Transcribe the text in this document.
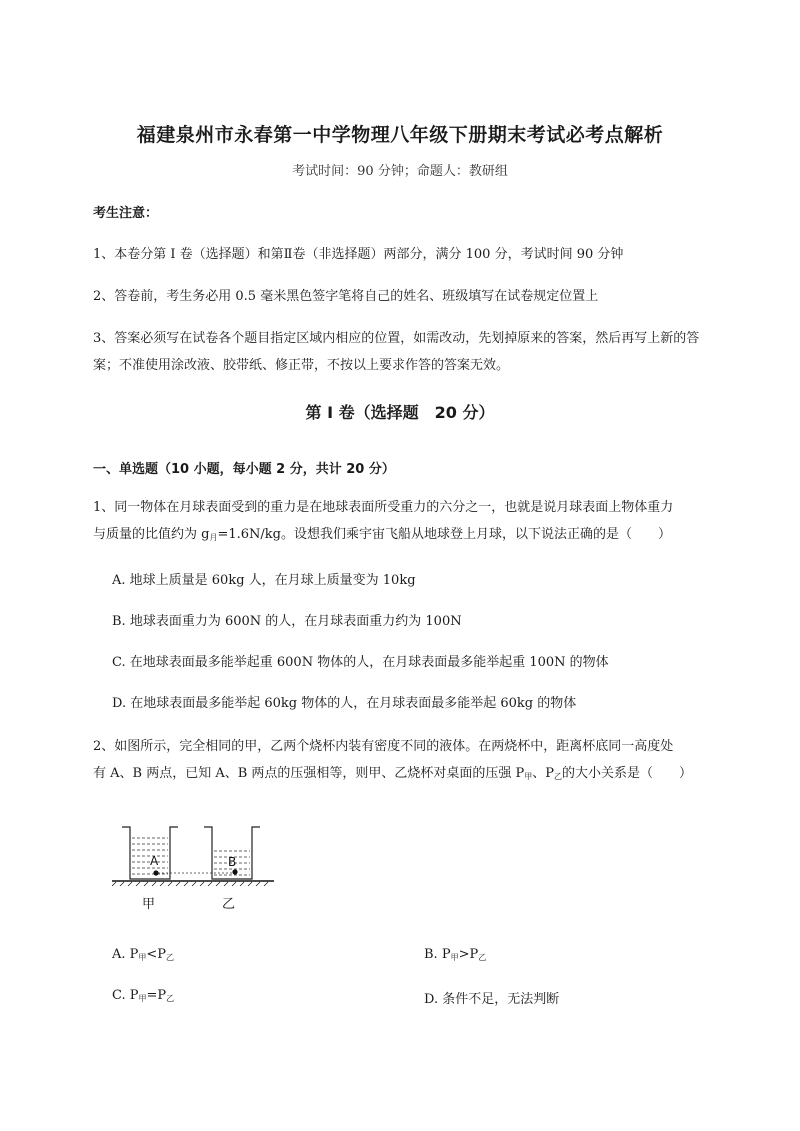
福建泉州市永春第一中学物理八年级下册期末考试必考点解析
考试时间：90 分钟；命题人：教研组
考生注意：
1、本卷分第 I 卷（选择题）和第Ⅱ卷（非选择题）两部分，满分 100 分，考试时间 90 分钟
2、答卷前，考生务必用 0.5 毫米黑色签字笔将自己的姓名、班级填写在试卷规定位置上
3、答案必须写在试卷各个题目指定区域内相应的位置，如需改动，先划掉原来的答案，然后再写上新的答案；不准使用涂改液、胶带纸、修正带，不按以上要求作答的答案无效。
第 I 卷（选择题　20 分）
一、单选题（10 小题，每小题 2 分，共计 20 分）
1、同一物体在月球表面受到的重力是在地球表面所受重力的六分之一，也就是说月球表面上物体重力
与质量的比值约为 $g_月=1.6N/kg$。设想我们乘宇宙飞船从地球登上月球，以下说法正确的是（　　）
A. 地球上质量是 60kg 人，在月球上质量变为 10kg
B. 地球表面重力为 600N 的人，在月球表面重力约为 100N
C. 在地球表面最多能举起重 600N 物体的人，在月球表面最多能举起重 100N 的物体
D. 在地球表面最多能举起 60kg 物体的人，在月球表面最多能举起 60kg 的物体
2、如图所示，完全相同的甲，乙两个烧杯内装有密度不同的液体。在两烧杯中，距离杯底同一高度处
有 A、B 两点，已知 A、B 两点的压强相等，则甲、乙烧杯对桌面的压强 $P_甲$、$P_乙$的大小关系是（　　）
A	B
甲	乙
A. $P_甲<P_乙$	B. $P_甲>P_乙$
C. $P_甲=P_乙$	D. 条件不足，无法判断
